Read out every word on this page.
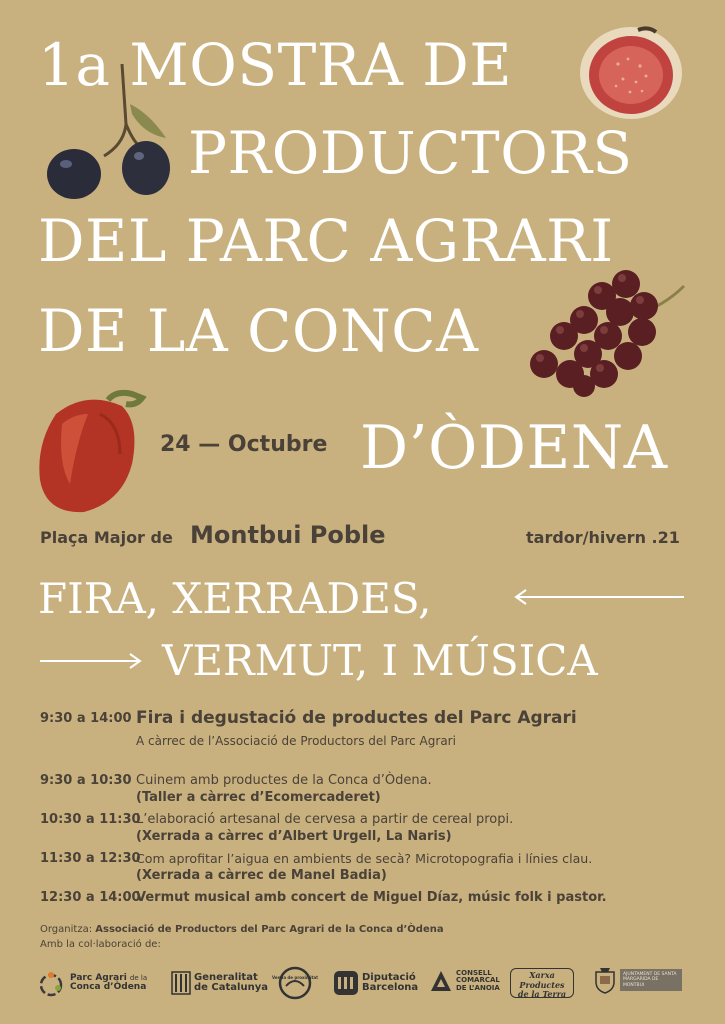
1a MOSTRA DE
PRODUCTORS
DEL PARC AGRARI
DE LA CONCA
D’ÒDENA
24 — Octubre
Plaça Major de Montbui Poble	tardor/hivern .21
FIRA, XERRADES,
VERMUT, I MÚSICA
9:30 a 14:00 Fira i degustació de productes del Parc Agrari
A càrrec de l’Associació de Productors del Parc Agrari
9:30 a 10:30 Cuinem amb productes de la Conca d’Òdena.
(Taller a càrrec d’Ecomercaderet)
10:30 a 11:30
L’elaboració artesanal de cervesa a partir de cereal propi.
(Xerrada a càrrec d’Albert Urgell, La Naris)
11:30 a 12:30
Com aprofitar l’aigua en ambients de secà? Microtopografia i línies clau.
(Xerrada a càrrec de Manel Badia)
12:30 a 14:00
Vermut musical amb concert de Miguel Díaz, músic folk i pastor.
Organitza: Associació de Productors del Parc Agrari de la Conca d’Òdena
Amb la col·laboració de:
Parc Agrari de la
Conca d’Òdena
Generalitat
de Catalunya
Venda de proximitat	Diputació
Barcelona
CONSELL
COMARCAL
DE L’ANOIA
Xarxa Productes de la Terra
AJUNTAMENT DE SANTA MARGARIDA DE MONTBUI
